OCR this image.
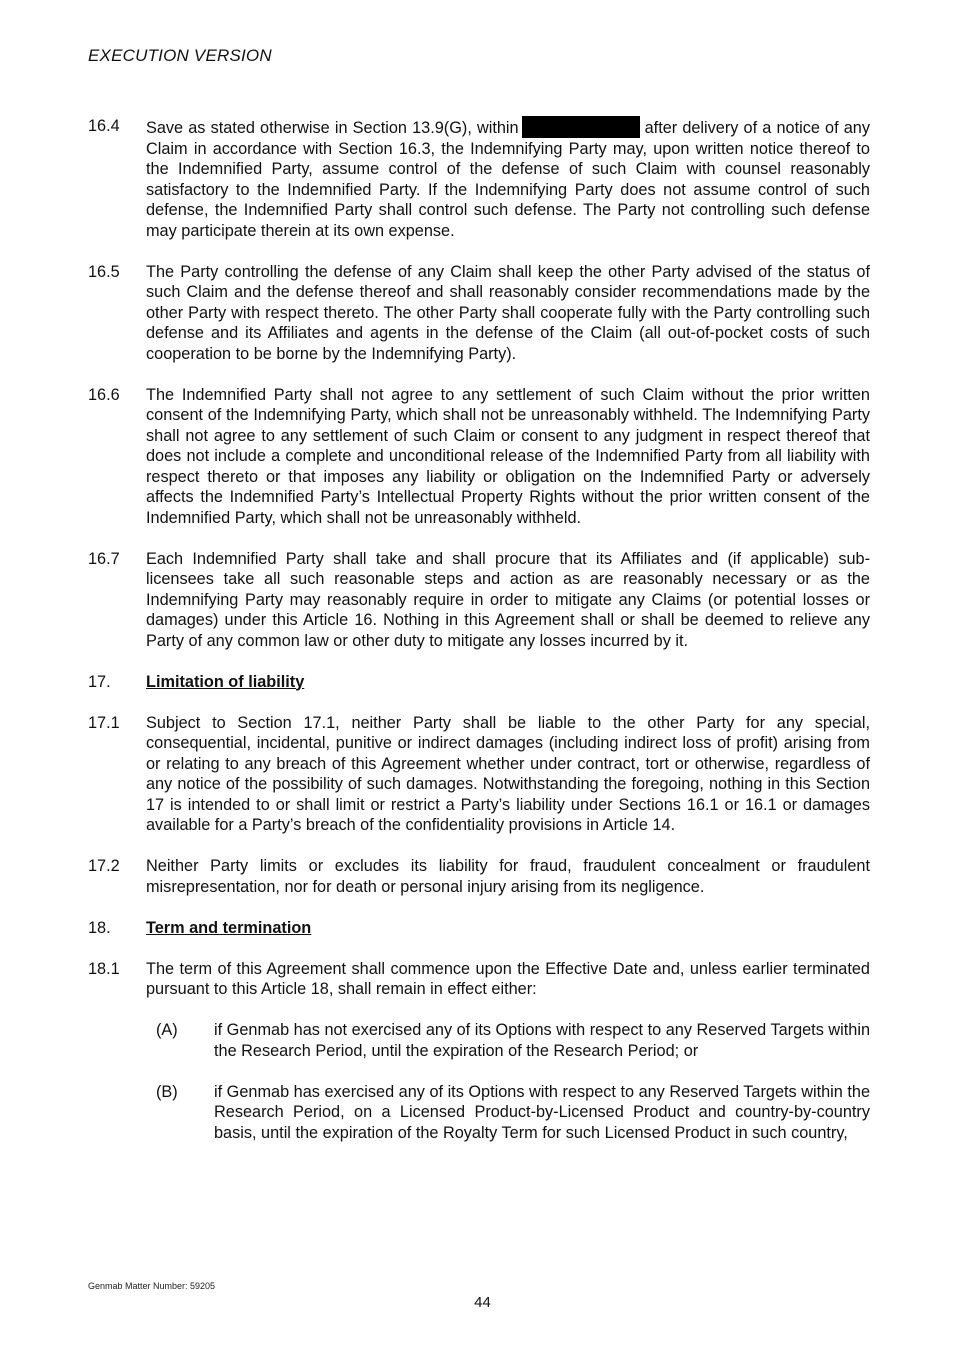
EXECUTION VERSION
16.4	Save as stated otherwise in Section 13.9(G), within	after delivery of a notice of any Claim in accordance with Section 16.3, the Indemnifying Party may, upon written notice thereof to the Indemnified Party, assume control of the defense of such Claim with counsel reasonably satisfactory to the Indemnified Party. If the Indemnifying Party does not assume control of such defense, the Indemnified Party shall control such defense. The Party not controlling such defense may participate therein at its own expense.
16.5	The Party controlling the defense of any Claim shall keep the other Party advised of the status of such Claim and the defense thereof and shall reasonably consider recommendations made by the other Party with respect thereto. The other Party shall cooperate fully with the Party controlling such defense and its Affiliates and agents in the defense of the Claim (all out-of-pocket costs of such cooperation to be borne by the Indemnifying Party).
16.6	The Indemnified Party shall not agree to any settlement of such Claim without the prior written consent of the Indemnifying Party, which shall not be unreasonably withheld. The Indemnifying Party shall not agree to any settlement of such Claim or consent to any judgment in respect thereof that does not include a complete and unconditional release of the Indemnified Party from all liability with respect thereto or that imposes any liability or obligation on the Indemnified Party or adversely affects the Indemnified Party’s Intellectual Property Rights without the prior written consent of the Indemnified Party, which shall not be unreasonably withheld.
16.7	Each Indemnified Party shall take and shall procure that its Affiliates and (if applicable) sub-licensees take all such reasonable steps and action as are reasonably necessary or as the Indemnifying Party may reasonably require in order to mitigate any Claims (or potential losses or damages) under this Article 16. Nothing in this Agreement shall or shall be deemed to relieve any Party of any common law or other duty to mitigate any losses incurred by it.
17.	Limitation of liability
17.1	Subject to Section 17.1, neither Party shall be liable to the other Party for any special, consequential, incidental, punitive or indirect damages (including indirect loss of profit) arising from or relating to any breach of this Agreement whether under contract, tort or otherwise, regardless of any notice of the possibility of such damages. Notwithstanding the foregoing, nothing in this Section 17 is intended to or shall limit or restrict a Party’s liability under Sections 16.1 or 16.1 or damages available for a Party’s breach of the confidentiality provisions in Article 14.
17.2	Neither Party limits or excludes its liability for fraud, fraudulent concealment or fraudulent misrepresentation, nor for death or personal injury arising from its negligence.
18.	Term and termination
18.1	The term of this Agreement shall commence upon the Effective Date and, unless earlier terminated pursuant to this Article 18, shall remain in effect either:
(A)	if Genmab has not exercised any of its Options with respect to any Reserved Targets within the Research Period, until the expiration of the Research Period; or
(B)	if Genmab has exercised any of its Options with respect to any Reserved Targets within the Research Period, on a Licensed Product-by-Licensed Product and country-by-country basis, until the expiration of the Royalty Term for such Licensed Product in such country,
Genmab Matter Number: 59205
44
